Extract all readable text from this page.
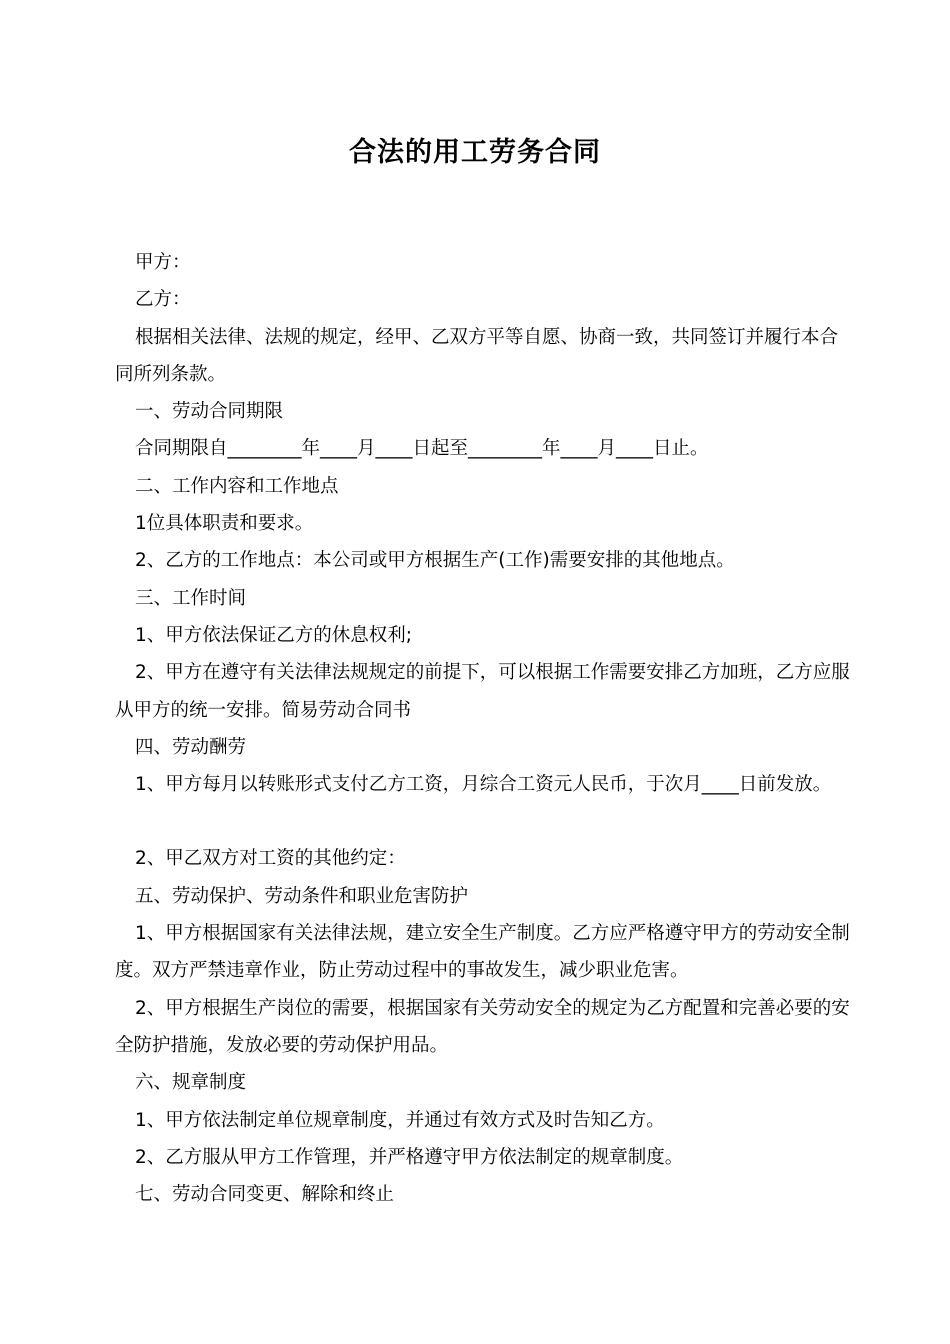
合法的用工劳务合同

甲方：

乙方：

根据相关法律、法规的规定，经甲、乙双方平等自愿、协商一致，共同签订并履行本合同所列条款。

一、劳动合同期限

合同期限自________年____月____日起至________年____月____日止。

二、工作内容和工作地点

1位具体职责和要求。

2、乙方的工作地点：本公司或甲方根据生产(工作)需要安排的其他地点。

三、工作时间

1、甲方依法保证乙方的休息权利;

2、甲方在遵守有关法律法规规定的前提下，可以根据工作需要安排乙方加班，乙方应服从甲方的统一安排。简易劳动合同书

四、劳动酬劳

1、甲方每月以转账形式支付乙方工资，月综合工资元人民币，于次月____日前发放。

2、甲乙双方对工资的其他约定：

五、劳动保护、劳动条件和职业危害防护

1、甲方根据国家有关法律法规，建立安全生产制度。乙方应严格遵守甲方的劳动安全制度。双方严禁违章作业，防止劳动过程中的事故发生，减少职业危害。

2、甲方根据生产岗位的需要，根据国家有关劳动安全的规定为乙方配置和完善必要的安全防护措施，发放必要的劳动保护用品。

六、规章制度

1、甲方依法制定单位规章制度，并通过有效方式及时告知乙方。

2、乙方服从甲方工作管理，并严格遵守甲方依法制定的规章制度。

七、劳动合同变更、解除和终止
